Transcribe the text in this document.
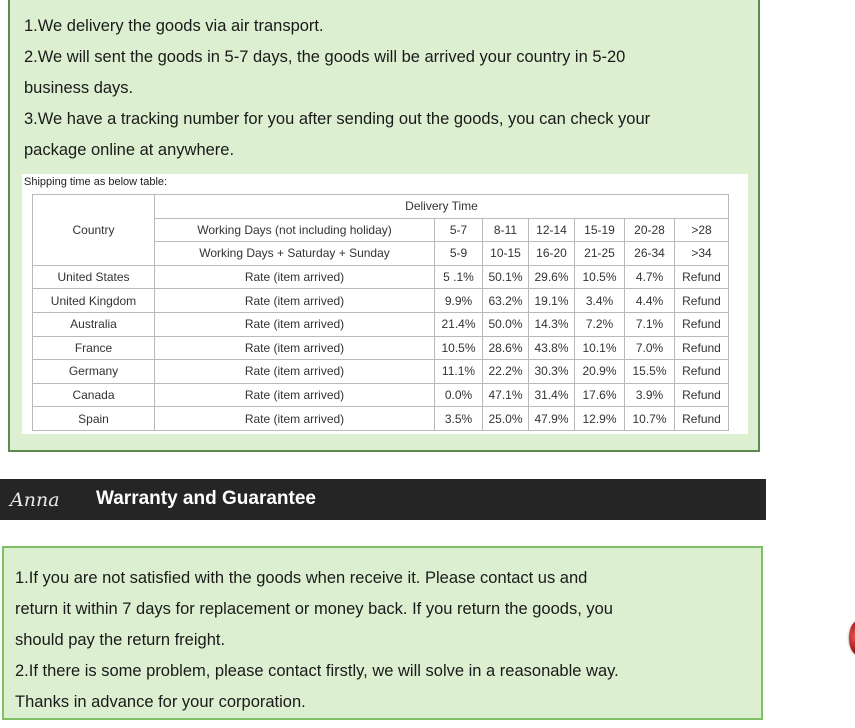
1.We delivery the goods via air transport.

2.We will sent the goods in 5-7 days, the goods will be arrived your country in 5-20

business days.

3.We have a tracking number for you after sending out the goods, you can check your

package online at anywhere.

Shipping time as below table:
Country	Delivery Time						
	Working Days (not including holiday)	5-7	8-11	12-14	15-19	20-28	>28
	Working Days + Saturday + Sunday	5-9	10-15	16-20	21-25	26-34	>34
United States	Rate (item arrived)	5 .1%	50.1%	29.6%	10.5%	4.7%	Refund
United Kingdom	Rate (item arrived)	9.9%	63.2%	19.1%	3.4%	4.4%	Refund
Australia	Rate (item arrived)	21.4%	50.0%	14.3%	7.2%	7.1%	Refund
France	Rate (item arrived)	10.5%	28.6%	43.8%	10.1%	7.0%	Refund
Germany	Rate (item arrived)	11.1%	22.2%	30.3%	20.9%	15.5%	Refund
Canada	Rate (item arrived)	0.0%	47.1%	31.4%	17.6%	3.9%	Refund
Spain	Rate (item arrived)	3.5%	25.0%	47.9%	12.9%	10.7%	Refund
Anna Warranty and Guarantee

1.If you are not satisfied with the goods when receive it. Please contact us and

return it within 7 days for replacement or money back. If you return the goods, you

should pay the return freight.

2.If there is some problem, please contact firstly, we will solve in a reasonable way.

Thanks in advance for your corporation.
